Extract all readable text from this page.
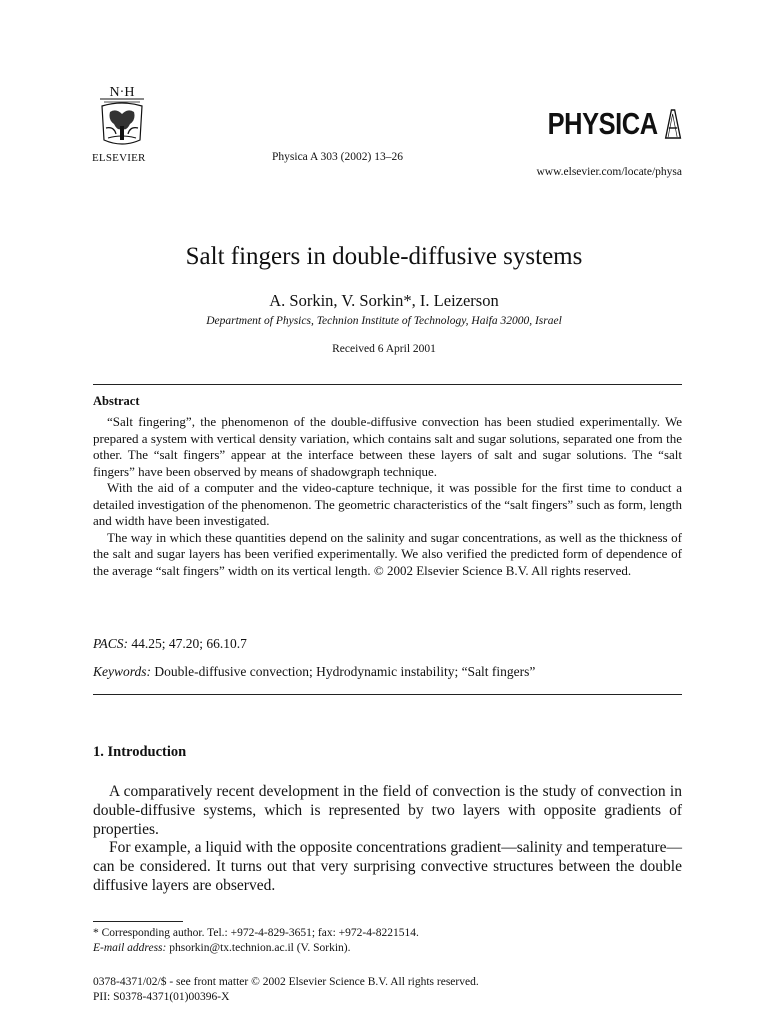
N·H
ELSEVIER	Physica A 303 (2002) 13–26
PHYSICA
www.elsevier.com/locate/physa
Salt fingers in double-diffusive systems
A. Sorkin, V. Sorkin*, I. Leizerson
Department of Physics, Technion Institute of Technology, Haifa 32000, Israel
Received 6 April 2001
Abstract

“Salt fingering”, the phenomenon of the double-diffusive convection has been studied experimentally. We prepared a system with vertical density variation, which contains salt and sugar solutions, separated one from the other. The “salt fingers” appear at the interface between these layers of salt and sugar solutions. The “salt fingers” have been observed by means of shadowgraph technique.

With the aid of a computer and the video-capture technique, it was possible for the first time to conduct a detailed investigation of the phenomenon. The geometric characteristics of the “salt fingers” such as form, length and width have been investigated.

The way in which these quantities depend on the salinity and sugar concentrations, as well as the thickness of the salt and sugar layers has been verified experimentally. We also verified the predicted form of dependence of the average “salt fingers” width on its vertical length. © 2002 Elsevier Science B.V. All rights reserved.

PACS: 44.25; 47.20; 66.10.7
Keywords: Double-diffusive convection; Hydrodynamic instability; “Salt fingers”
1. Introduction

A comparatively recent development in the field of convection is the study of convection in double-diffusive systems, which is represented by two layers with opposite gradients of properties.

For example, a liquid with the opposite concentrations gradient—salinity and temperature—can be considered. It turns out that very surprising convective structures between the double diffusive layers are observed.

* Corresponding author. Tel.: +972-4-829-3651; fax: +972-4-8221514.
E-mail address: phsorkin@tx.technion.ac.il (V. Sorkin).
0378-4371/02/$ - see front matter © 2002 Elsevier Science B.V. All rights reserved.
PII: S0378-4371(01)00396-X
